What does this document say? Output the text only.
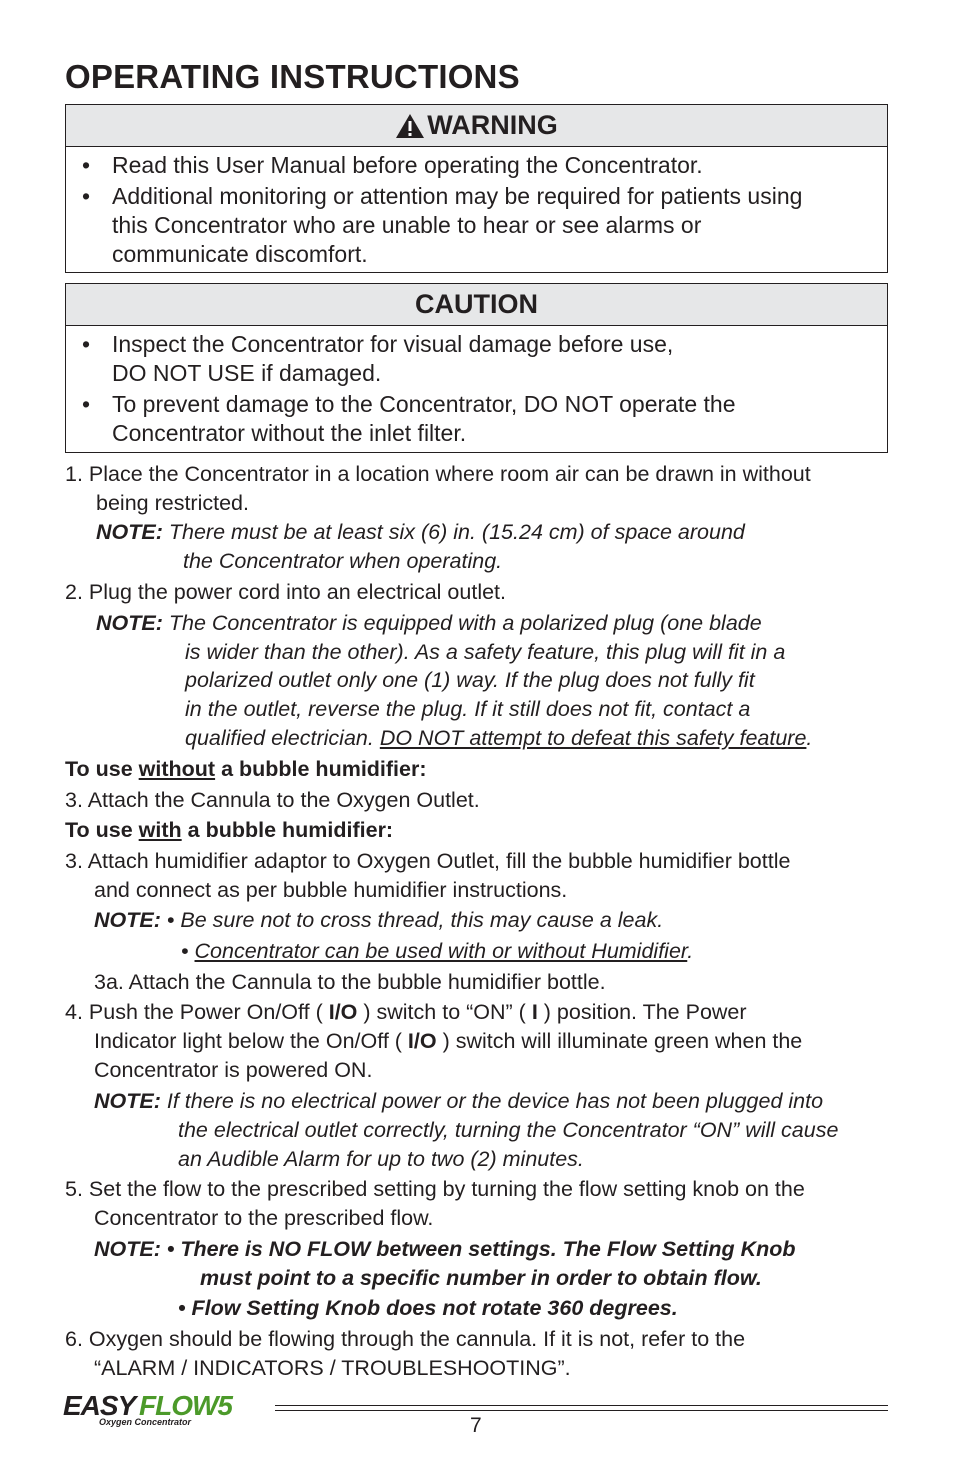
OPERATING INSTRUCTIONS
WARNING
• Read this User Manual before operating the Concentrator.
• Additional monitoring or attention may be required for patients using this Concentrator who are unable to hear or see alarms or communicate discomfort.
CAUTION
• Inspect the Concentrator for visual damage before use,
DO NOT USE if damaged.
• To prevent damage to the Concentrator, DO NOT operate the
Concentrator without the inlet filter.
1. Place the Concentrator in a location where room air can be drawn in without
being restricted.
NOTE: There must be at least six (6) in. (15.24 cm) of space around
the Concentrator when operating.
2. Plug the power cord into an electrical outlet.
NOTE: The Concentrator is equipped with a polarized plug (one blade
is wider than the other). As a safety feature, this plug will fit in a
polarized outlet only one (1) way. If the plug does not fully fit
in the outlet, reverse the plug. If it still does not fit, contact a
qualified electrician. DO NOT attempt to defeat this safety feature.
To use without a bubble humidifier:
3. Attach the Cannula to the Oxygen Outlet.
To use with a bubble humidifier:
3. Attach humidifier adaptor to Oxygen Outlet, fill the bubble humidifier bottle
and connect as per bubble humidifier instructions.
NOTE: • Be sure not to cross thread, this may cause a leak.
• Concentrator can be used with or without Humidifier.
3a. Attach the Cannula to the bubble humidifier bottle.
4. Push the Power On/Off ( I/O ) switch to “ON” ( I ) position. The Power
Indicator light below the On/Off ( I/O ) switch will illuminate green when the
Concentrator is powered ON.
NOTE: If there is no electrical power or the device has not been plugged into
the electrical outlet correctly, turning the Concentrator “ON” will cause
an Audible Alarm for up to two (2) minutes.
5. Set the flow to the prescribed setting by turning the flow setting knob on the
Concentrator to the prescribed flow.
NOTE: • There is NO FLOW between settings. The Flow Setting Knob
must point to a specific number in order to obtain flow.
• Flow Setting Knob does not rotate 360 degrees.
6. Oxygen should be flowing through the cannula. If it is not, refer to the
“ALARM / INDICATORS / TROUBLESHOOTING”.
EASY FLOW5
Oxygen Concentrator	7
